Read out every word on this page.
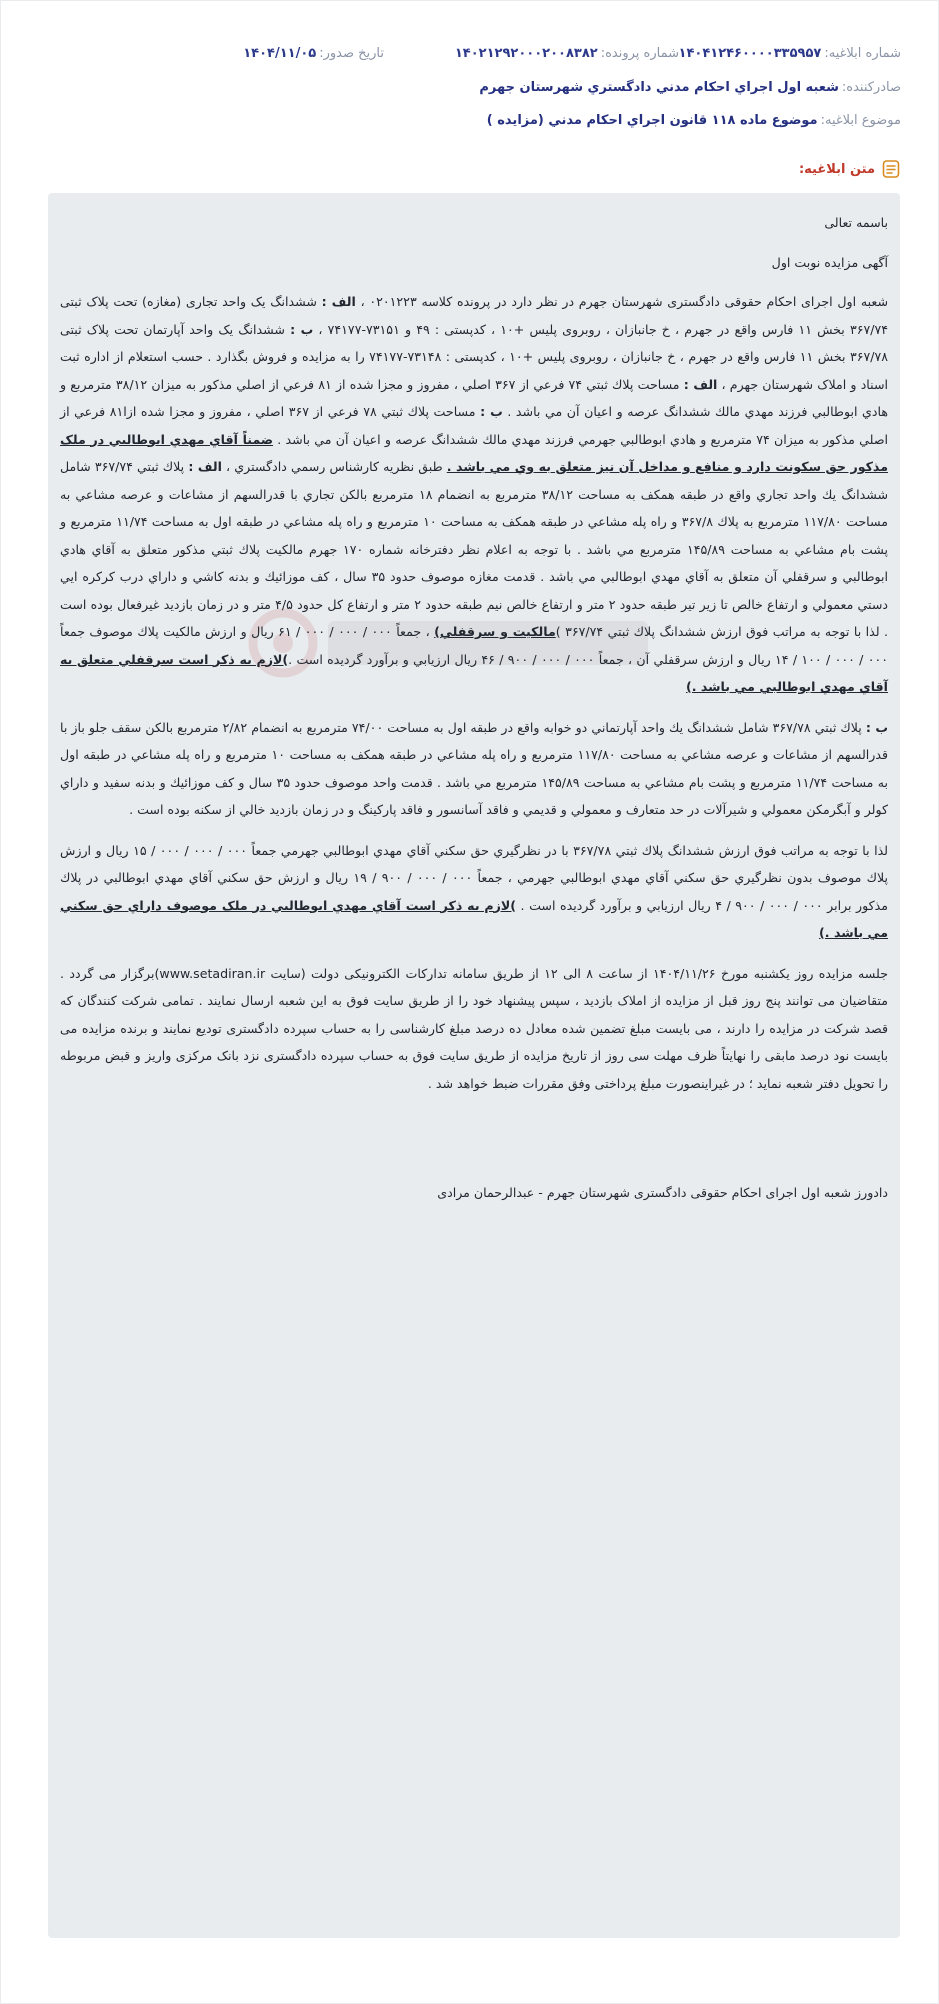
شماره ابلاغیه:
۱۴۰۴۱۲۴۶۰۰۰۰۳۳۵۹۵۷
شماره پرونده:
۱۴۰۲۱۲۹۲۰۰۰۲۰۰۸۳۸۲
تاریخ صدور:
۱۴۰۴/۱۱/۰۵
صادرکننده:
شعبه اول اجراي احكام مدني دادگستري شهرستان جهرم
موضوع ابلاغیه:
موضوع ماده ۱۱۸ قانون اجراي احكام مدني (مزايده )
متن ابلاغیه:

باسمه تعالی

آگهی مزایده نوبت اول

شعبه اول اجرای احکام حقوقی دادگستری شهرستان جهرم در نظر دارد در پرونده کلاسه ۰۲۰۱۲۲۳ ، الف : ششدانگ یک واحد تجاری (مغازه) تحت پلاک ثبتی ۳۶۷/۷۴ بخش ۱۱ فارس واقع در جهرم ، خ جانبازان ، روبروی پلیس +۱۰ ، کدپستی : ۴۹ و ۷۳۱۵۱-۷۴۱۷۷ ، ب : ششدانگ یک واحد آپارتمان تحت پلاک ثبتی ۳۶۷/۷۸ بخش ۱۱ فارس واقع در جهرم ، خ جانبازان ، روبروی پلیس +۱۰ ، کدپستی : ۷۳۱۴۸-۷۴۱۷۷ را به مزایده و فروش بگذارد . حسب استعلام از اداره ثبت اسناد و املاک شهرستان جهرم ، الف : مساحت پلاك ثبتي ۷۴ فرعي از ۳۶۷ اصلي ، مفروز و مجزا شده از ۸۱ فرعي از اصلي مذكور به ميزان ۳۸/۱۲ مترمربع و هادي ابوطالبي فرزند مهدي مالك ششدانگ عرصه و اعيان آن مي باشد . ب : مساحت پلاك ثبتي ۷۸ فرعي از ۳۶۷ اصلي ، مفروز و مجزا شده ازا۸۱ فرعي از اصلي مذكور به ميزان ۷۴ مترمربع و هادي ابوطالبي جهرمي فرزند مهدي مالك ششدانگ عرصه و اعيان آن مي باشد . ضمناً آقاي مهدي ابوطالبي در ملک مذكور حق سكونت دارد و منافع و مداخل آن نيز متعلق به وي مي باشد . طبق نظريه كارشناس رسمي دادگستري ، الف : پلاك ثبتي ۳۶۷/۷۴ شامل ششدانگ يك واحد تجاري واقع در طبقه همكف به مساحت ۳۸/۱۲ مترمربع به انضمام ۱۸ مترمربع بالكن تجاري با قدرالسهم از مشاعات و عرصه مشاعي به مساحت ۱۱۷/۸۰ مترمربع به پلاك ۳۶۷/۸ و راه پله مشاعي در طبقه همكف به مساحت ۱۰ مترمربع و راه پله مشاعي در طبقه اول به مساحت ۱۱/۷۴ مترمربع و پشت بام مشاعي به مساحت ۱۴۵/۸۹ مترمربع مي باشد . با توجه به اعلام نظر دفترخانه شماره ۱۷۰ جهرم مالكيت پلاك ثبتي مذكور متعلق به آقاي هادي ابوطالبي و سرقفلي آن متعلق به آقاي مهدي ابوطالبي مي باشد . قدمت مغازه موصوف حدود ۳۵ سال ، كف موزائيك و بدنه كاشي و داراي درب كركره ايي دستي معمولي و ارتفاع خالص تا زير تير طبقه حدود ۲ متر و ارتفاع خالص نيم طبقه حدود ۲ متر و ارتفاع كل حدود ۴/۵ متر و در زمان بازديد غيرفعال بوده است . لذا با توجه به مراتب فوق ارزش ششدانگ پلاك ثبتي ۳۶۷/۷۴ )مالكيت و سرقفلي) ، جمعاً ۰۰۰ / ۰۰۰ / ۰۰۰ / ۶۱ ريال و ارزش مالكيت پلاك موصوف جمعاً ۰۰۰ / ۰۰۰ / ۱۰۰ / ۱۴ ريال و ارزش سرقفلي آن ، جمعاً ۰۰۰ / ۰۰۰ / ۹۰۰ / ۴۶ ريال ارزيابي و برآورد گرديده است .)لازم به ذكر است سرقفلي متعلق به آقاي مهدي ابوطالبي مي باشد .)

ب : پلاك ثبتي ۳۶۷/۷۸ شامل ششدانگ يك واحد آپارتماني دو خوابه واقع در طبقه اول به مساحت ۷۴/۰۰ مترمربع به انضمام ۲/۸۲ مترمربع بالكن سقف جلو باز با قدرالسهم از مشاعات و عرصه مشاعي به مساحت ۱۱۷/۸۰ مترمربع و راه پله مشاعي در طبقه همكف به مساحت ۱۰ مترمربع و راه پله مشاعي در طبقه اول به مساحت ۱۱/۷۴ مترمربع و پشت بام مشاعي به مساحت ۱۴۵/۸۹ مترمربع مي باشد . قدمت واحد موصوف حدود ۳۵ سال و كف موزائيك و بدنه سفيد و داراي كولر و آبگرمكن معمولي و شيرآلات در حد متعارف و معمولي و قديمي و فاقد آسانسور و فاقد پاركينگ و در زمان بازديد خالي از سكنه بوده است .

لذا با توجه به مراتب فوق ارزش ششدانگ پلاك ثبتي ۳۶۷/۷۸ با در نظرگيري حق سكني آقاي مهدي ابوطالبي جهرمي جمعاً ۰۰۰ / ۰۰۰ / ۰۰۰ / ۱۵ ريال و ارزش پلاك موصوف بدون نظرگيري حق سكني آقاي مهدي ابوطالبي جهرمي ، جمعاً ۰۰۰ / ۰۰۰ / ۹۰۰ / ۱۹ ريال و ارزش حق سكني آقاي مهدي ابوطالبي در پلاك مذكور برابر ۰۰۰ / ۰۰۰ / ۹۰۰ / ۴ ريال ارزيابي و برآورد گرديده است . )لازم به ذكر است آقاي مهدي ابوطالبي در ملک موصوف داراي حق سكني مي باشد .)

جلسه مزایده روز یکشنبه مورخ ۱۴۰۴/۱۱/۲۶ از ساعت ۸ الی ۱۲ از طریق سامانه تدارکات الکترونیکی دولت (سایت www.setadiran.ir)برگزار می گردد . متقاضیان می توانند پنج روز قبل از مزایده از املاک بازدید ، سپس پیشنهاد خود را از طریق سایت فوق به این شعبه ارسال نمایند . تمامی شرکت کنندگان که قصد شرکت در مزایده را دارند ، می بایست مبلغ تضمین شده معادل ده درصد مبلغ کارشناسی را به حساب سپرده دادگستری تودیع نمایند و برنده مزایده می بایست نود درصد مابقی را نهایتاً ظرف مهلت سی روز از تاریخ مزایده از طریق سایت فوق به حساب سپرده دادگستری نزد بانک مرکزی واریز و قبض مربوطه را تحویل دفتر شعبه نماید ؛ در غیراینصورت مبلغ پرداختی وفق مقررات ضبط خواهد شد .

دادورز شعبه اول اجرای احکام حقوقی دادگستری شهرستان جهرم - عبدالرحمان مرادی
